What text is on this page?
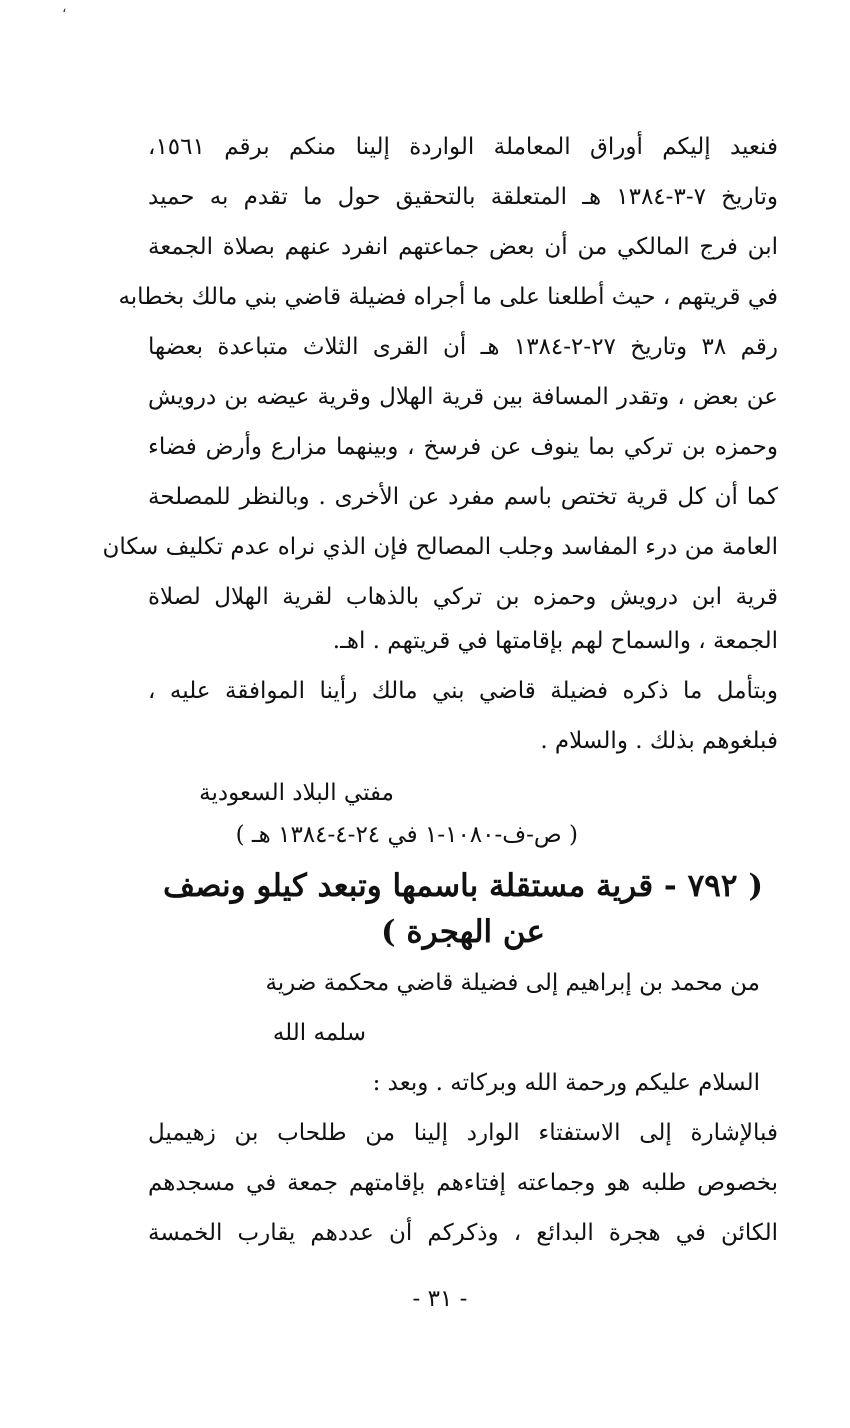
،
فنعيد إليكم أوراق المعاملة الواردة إلينا منكم برقم ١٥٦١،
وتاريخ ٧-٣-١٣٨٤ هـ المتعلقة بالتحقيق حول ما تقدم به حميد
ابن فرج المالكي من أن بعض جماعتهم انفرد عنهم بصلاة الجمعة
في قريتهم ، حيث أطلعنا على ما أجراه فضيلة قاضي بني مالك بخطابه
رقم ٣٨ وتاريخ ٢٧-٢-١٣٨٤ هـ أن القرى الثلاث متباعدة بعضها
عن بعض ، وتقدر المسافة بين قرية الهلال وقرية عيضه بن درويش
وحمزه بن تركي بما ينوف عن فرسخ ، وبينهما مزارع وأرض فضاء
كما أن كل قرية تختص باسم مفرد عن الأخرى . وبالنظر للمصلحة
العامة من درء المفاسد وجلب المصالح فإن الذي نراه عدم تكليف سكان
قرية ابن درويش وحمزه بن تركي بالذهاب لقرية الهلال لصلاة
الجمعة ، والسماح لهم بإقامتها في قريتهم . اهـ.
وبتأمل ما ذكره فضيلة قاضي بني مالك رأينا الموافقة عليه ،
فبلغوهم بذلك . والسلام .
مفتي البلاد السعودية
( ص-ف-١٠٨٠-١ في ٢٤-٤-١٣٨٤ هـ )
( ٧٩٢ - قرية مستقلة باسمها وتبعد كيلو ونصف
عن الهجرة )
من محمد بن إبراهيم إلى فضيلة قاضي محكمة ضرية
سلمه الله
السلام عليكم ورحمة الله وبركاته . وبعد :
فبالإشارة إلى الاستفتاء الوارد إلينا من طلحاب بن زهيميل
بخصوص طلبه هو وجماعته إفتاءهم بإقامتهم جمعة في مسجدهم
الكائن في هجرة البدائع ، وذكركم أن عددهم يقارب الخمسة
- ٣١ -
